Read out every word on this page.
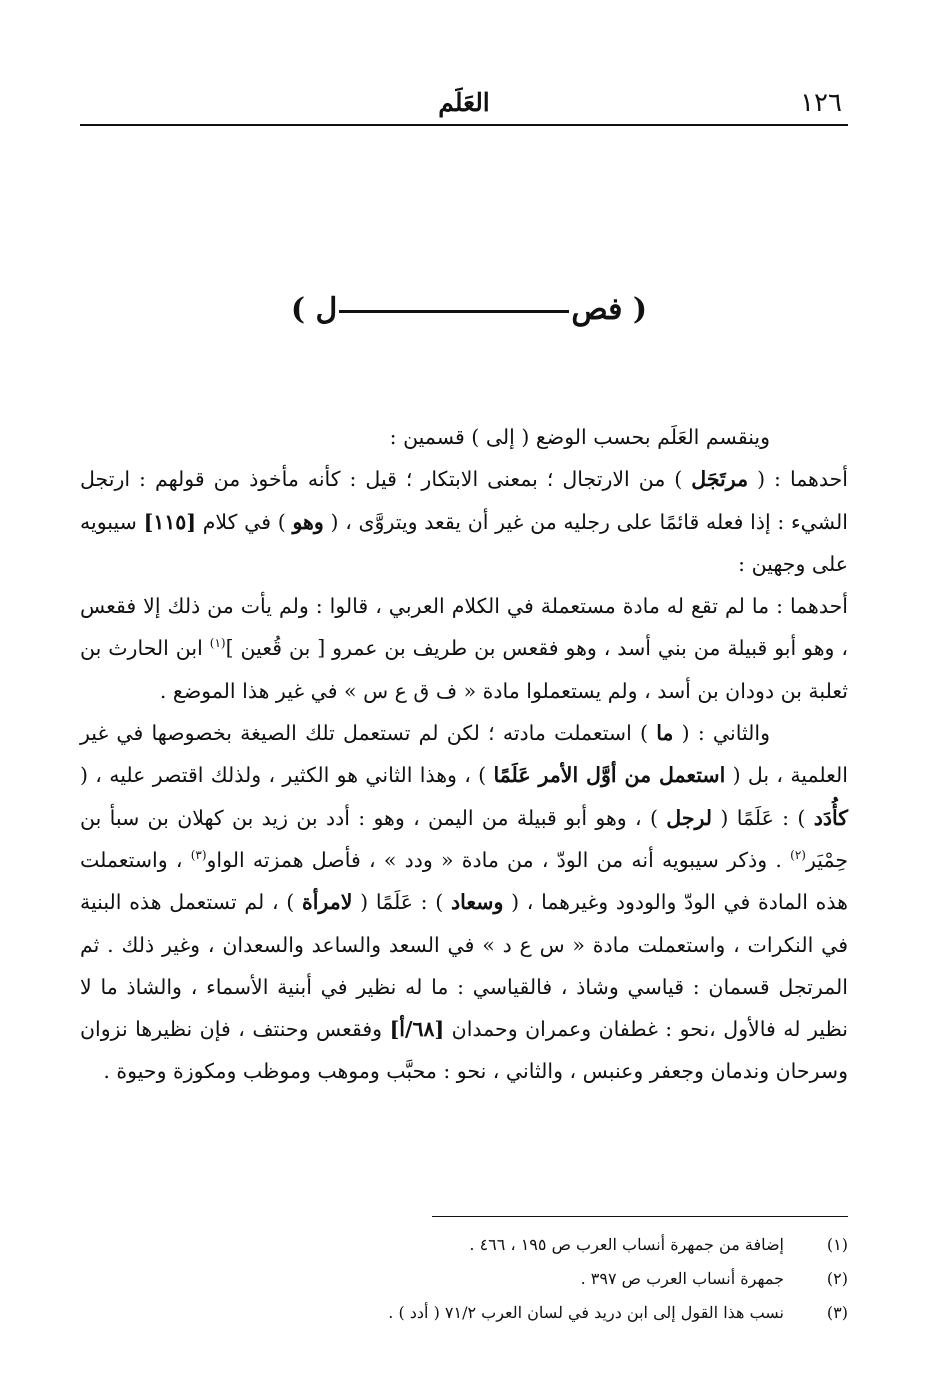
١٢٦
العَلَم
( فصل )

وينقسم العَلَم بحسب الوضع ( إلى ) قسمين :

أحدهما : ( مرتَجَل ) من الارتجال ؛ بمعنى الابتكار ؛ قيل : كأنه مأخوذ من قولهم : ارتجل الشيء : إذا فعله قائمًا على رجليه من غير أن يقعد ويتروَّى ، ( وهو ) في كلام [١١٥] سيبويه على وجهين :

أحدهما : ما لم تقع له مادة مستعملة في الكلام العربي ، قالوا : ولم يأت من ذلك إلا فقعس ، وهو أبو قبيلة من بني أسد ، وهو فقعس بن طريف بن عمرو [ بن قُعين ]$^{(١)}$ ابن الحارث بن ثعلبة بن دودان بن أسد ، ولم يستعملوا مادة « ف ق ع س » في غير هذا الموضع .

والثاني : ( ما ) استعملت مادته ؛ لكن لم تستعمل تلك الصيغة بخصوصها في غير العلمية ، بل ( استعمل من أوَّل الأمر عَلَمًا ) ، وهذا الثاني هو الكثير ، ولذلك اقتصر عليه ، ( كأُدَد ) : عَلَمًا ( لرجل ) ، وهو أبو قبيلة من اليمن ، وهو : أدد بن زيد بن كهلان بن سبأ بن حِمْيَر$^{(٢)}$ . وذكر سيبويه أنه من الودّ ، من مادة « ودد » ، فأصل همزته الواو$^{(٣)}$ ، واستعملت هذه المادة في الودّ والودود وغيرهما ، ( وسعاد ) : عَلَمًا ( لامرأة ) ، لم تستعمل هذه البنية في النكرات ، واستعملت مادة « س ع د » في السعد والساعد والسعدان ، وغير ذلك . ثم المرتجل قسمان : قياسي وشاذ ، فالقياسي : ما له نظير في أبنية الأسماء ، والشاذ ما لا نظير له فالأول ،نحو : غطفان وعمران وحمدان [٦٨/أ] وفقعس وحنتف ، فإن نظيرها نزوان وسرحان وندمان وجعفر وعنبس ، والثاني ، نحو : محبَّب وموهب وموظب ومكوزة وحيوة .

(١)
إضافة من جمهرة أنساب العرب ص ١٩٥ ، ٤٦٦ .
(٢)
جمهرة أنساب العرب ص ٣٩٧ .
(٣)
نسب هذا القول إلى ابن دريد في لسان العرب ٧١/٢ ( أدد ) .
